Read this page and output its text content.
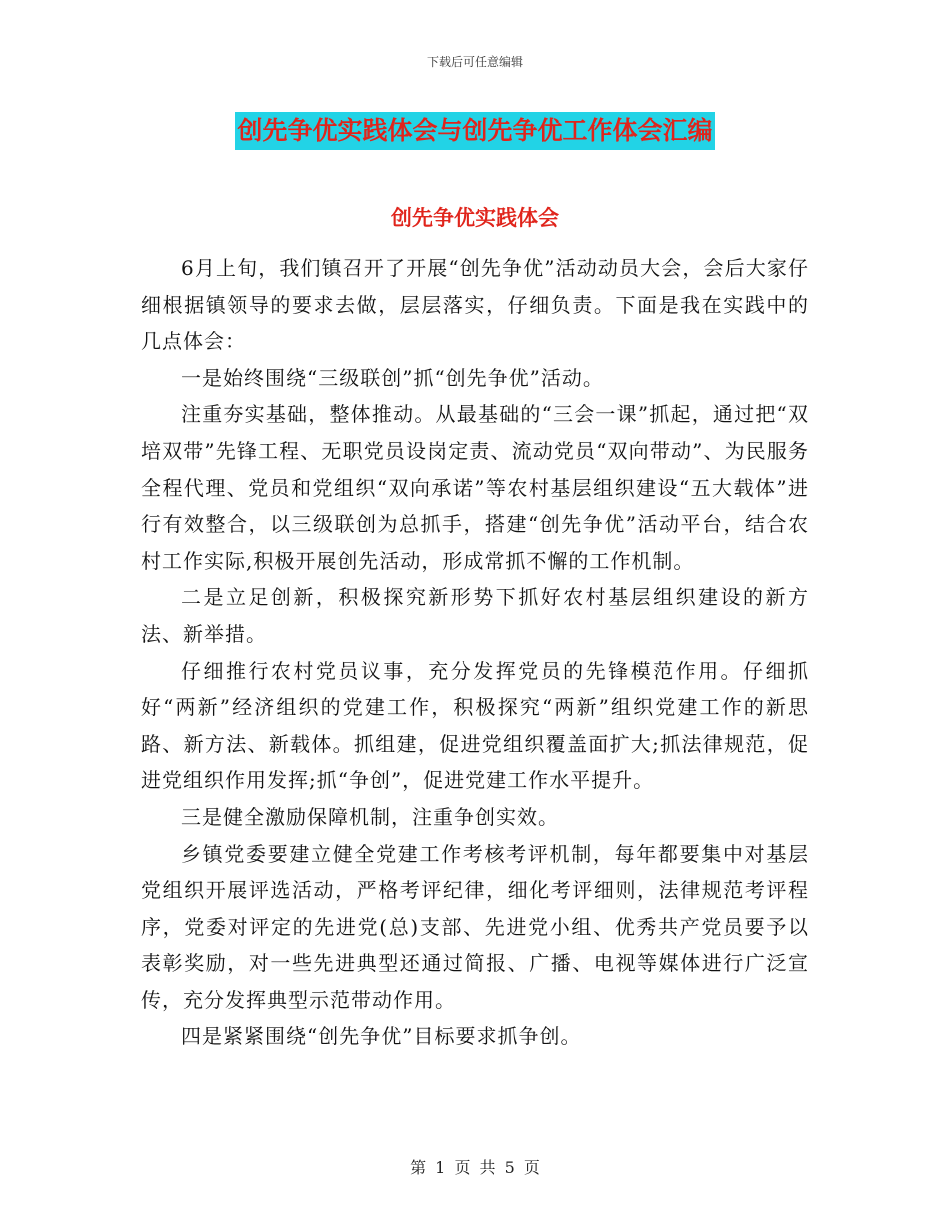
下载后可任意编辑
创先争优实践体会与创先争优工作体会汇编
创先争优实践体会

6月上旬，我们镇召开了开展“创先争优”活动动员大会，会后大家仔细根据镇领导的要求去做，层层落实，仔细负责。下面是我在实践中的几点体会：

一是始终围绕“三级联创”抓“创先争优”活动。

注重夯实基础，整体推动。从最基础的“三会一课”抓起，通过把“双培双带”先锋工程、无职党员设岗定责、流动党员“双向带动”、为民服务全程代理、党员和党组织“双向承诺”等农村基层组织建设“五大载体”进行有效整合，以三级联创为总抓手，搭建“创先争优”活动平台，结合农村工作实际,积极开展创先活动，形成常抓不懈的工作机制。

二是立足创新，积极探究新形势下抓好农村基层组织建设的新方法、新举措。

仔细推行农村党员议事，充分发挥党员的先锋模范作用。仔细抓好“两新”经济组织的党建工作，积极探究“两新”组织党建工作的新思路、新方法、新载体。抓组建，促进党组织覆盖面扩大;抓法律规范，促进党组织作用发挥;抓“争创”，促进党建工作水平提升。

三是健全激励保障机制，注重争创实效。

乡镇党委要建立健全党建工作考核考评机制，每年都要集中对基层党组织开展评选活动，严格考评纪律，细化考评细则，法律规范考评程序，党委对评定的先进党(总)支部、先进党小组、优秀共产党员要予以表彰奖励，对一些先进典型还通过简报、广播、电视等媒体进行广泛宣传，充分发挥典型示范带动作用。

四是紧紧围绕“创先争优”目标要求抓争创。

第 1 页 共 5 页
